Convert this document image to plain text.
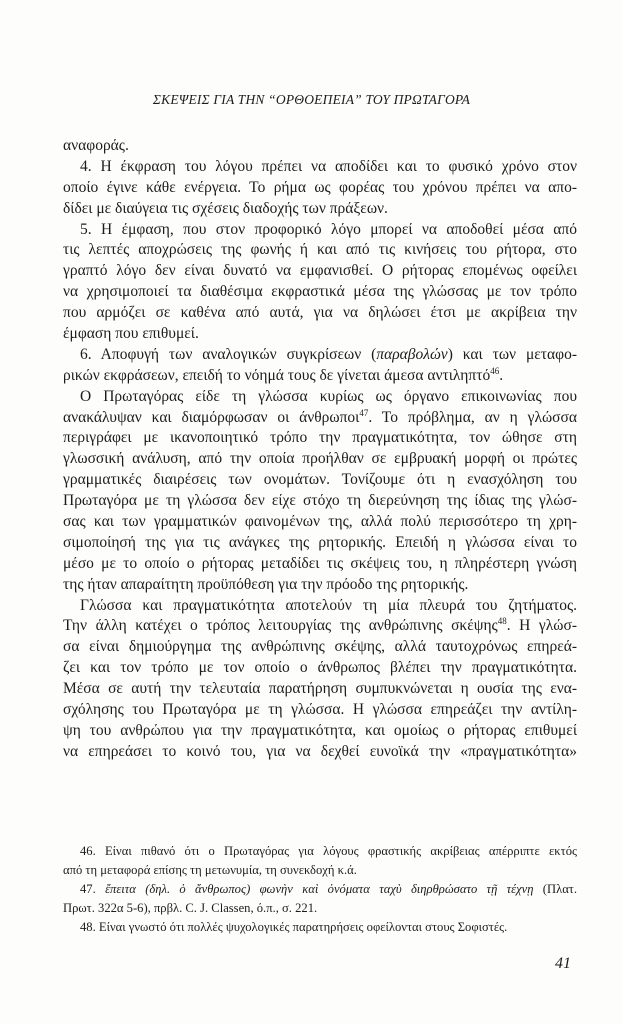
ΣΚΕΨΕΙΣ ΓΙΑ ΤΗΝ “ΟΡΘΟΕΠΕΙΑ” ΤΟΥ ΠΡΩΤΑΓΟΡΑ
αναφοράς.
4. Η έκφραση του λόγου πρέπει να αποδίδει και το φυσικό χρόνο στον
οποίο έγινε κάθε ενέργεια. Το ρήμα ως φορέας του χρόνου πρέπει να απο-
δίδει με διαύγεια τις σχέσεις διαδοχής των πράξεων.
5. Η έμφαση, που στον προφορικό λόγο μπορεί να αποδοθεί μέσα από
τις λεπτές αποχρώσεις της φωνής ή και από τις κινήσεις του ρήτορα, στο
γραπτό λόγο δεν είναι δυνατό να εμφανισθεί. Ο ρήτορας επομένως οφείλει
να χρησιμοποιεί τα διαθέσιμα εκφραστικά μέσα της γλώσσας με τον τρόπο
που αρμόζει σε καθένα από αυτά, για να δηλώσει έτσι με ακρίβεια την
έμφαση που επιθυμεί.
6. Αποφυγή των αναλογικών συγκρίσεων (παραβολών) και των μεταφο-
ρικών εκφράσεων, επειδή το νόημά τους δε γίνεται άμεσα αντιληπτό$^{46}$.
Ο Πρωταγόρας είδε τη γλώσσα κυρίως ως όργανο επικοινωνίας που
ανακάλυψαν και διαμόρφωσαν οι άνθρωποι$^{47}$. Το πρόβλημα, αν η γλώσσα
περιγράφει με ικανοποιητικό τρόπο την πραγματικότητα, τον ώθησε στη
γλωσσική ανάλυση, από την οποία προήλθαν σε εμβρυακή μορφή οι πρώτες
γραμματικές διαιρέσεις των ονομάτων. Τονίζουμε ότι η ενασχόληση του
Πρωταγόρα με τη γλώσσα δεν είχε στόχο τη διερεύνηση της ίδιας της γλώσ-
σας και των γραμματικών φαινομένων της, αλλά πολύ περισσότερο τη χρη-
σιμοποίησή της για τις ανάγκες της ρητορικής. Επειδή η γλώσσα είναι το
μέσο με το οποίο ο ρήτορας μεταδίδει τις σκέψεις του, η πληρέστερη γνώση
της ήταν απαραίτητη προϋπόθεση για την πρόοδο της ρητορικής.
Γλώσσα και πραγματικότητα αποτελούν τη μία πλευρά του ζητήματος.
Την άλλη κατέχει ο τρόπος λειτουργίας της ανθρώπινης σκέψης$^{48}$. Η γλώσ-
σα είναι δημιούργημα της ανθρώπινης σκέψης, αλλά ταυτοχρόνως επηρεά-
ζει και τον τρόπο με τον οποίο ο άνθρωπος βλέπει την πραγματικότητα.
Μέσα σε αυτή την τελευταία παρατήρηση συμπυκνώνεται η ουσία της ενα-
σχόλησης του Πρωταγόρα με τη γλώσσα. Η γλώσσα επηρεάζει την αντίλη-
ψη του ανθρώπου για την πραγματικότητα, και ομοίως ο ρήτορας επιθυμεί
να επηρεάσει το κοινό του, για να δεχθεί ευνοϊκά την «πραγματικότητα»
46. Είναι πιθανό ότι ο Πρωταγόρας για λόγους φραστικής ακρίβειας απέρριπτε εκτός
από τη μεταφορά επίσης τη μετωνυμία, τη συνεκδοχή κ.ά.
47. ἔπειτα (δηλ. ὁ ἄνθρωπος) φωνὴν καὶ ὀνόματα ταχὺ διηρθρώσατο τῇ τέχνῃ (Πλατ.
Πρωτ. 322α 5-6), πρβλ. C. J. Classen, ό.π., σ. 221.
48. Είναι γνωστό ότι πολλές ψυχολογικές παρατηρήσεις οφείλονται στους Σοφιστές.
41
